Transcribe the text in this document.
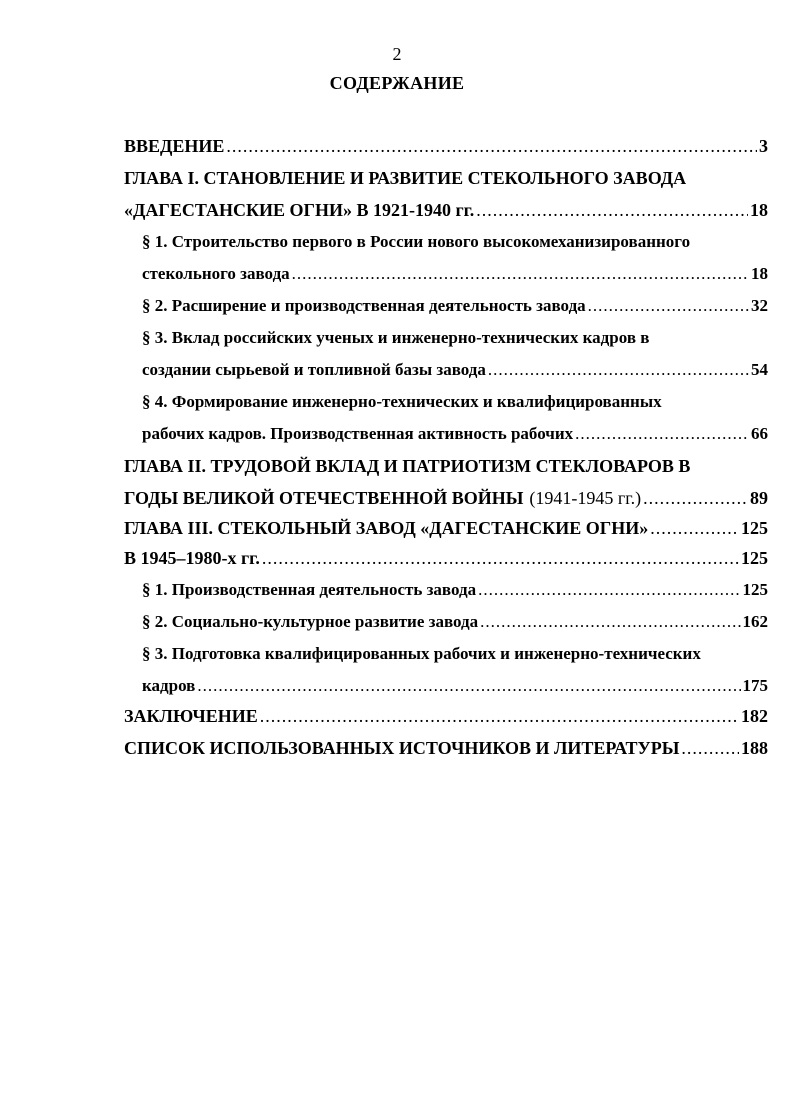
2
СОДЕРЖАНИЕ
ВВЕДЕНИЕ .....	3
ГЛАВА I. СТАНОВЛЕНИЕ И РАЗВИТИЕ СТЕКОЛЬНОГО ЗАВОДА
«ДАГЕСТАНСКИЕ ОГНИ» В 1921-1940 гг. .....	18
§ 1. Строительство первого в России нового высокомеханизированного
стекольного завода .....	18
§ 2. Расширение и производственная деятельность завода .....	32
§ 3. Вклад российских ученых и инженерно-технических кадров в
создании сырьевой и топливной базы завода .....	54
§ 4. Формирование инженерно-технических и квалифицированных
рабочих кадров. Производственная активность рабочих .....	66
ГЛАВА II. ТРУДОВОЙ ВКЛАД И ПАТРИОТИЗМ СТЕКЛОВАРОВ В
ГОДЫ ВЕЛИКОЙ ОТЕЧЕСТВЕННОЙ ВОЙНЫ (1941-1945 гг.) .....	89
ГЛАВА III. СТЕКОЛЬНЫЙ ЗАВОД «ДАГЕСТАНСКИЕ ОГНИ» .....	125
В 1945–1980-х гг. .....	125
§ 1. Производственная деятельность завода .....	125
§ 2. Социально-культурное развитие завода .....	162
§ 3. Подготовка квалифицированных рабочих и инженерно-технических
кадров .....	175
ЗАКЛЮЧЕНИЕ .....	182
СПИСОК ИСПОЛЬЗОВАННЫХ ИСТОЧНИКОВ И ЛИТЕРАТУРЫ .....	188
